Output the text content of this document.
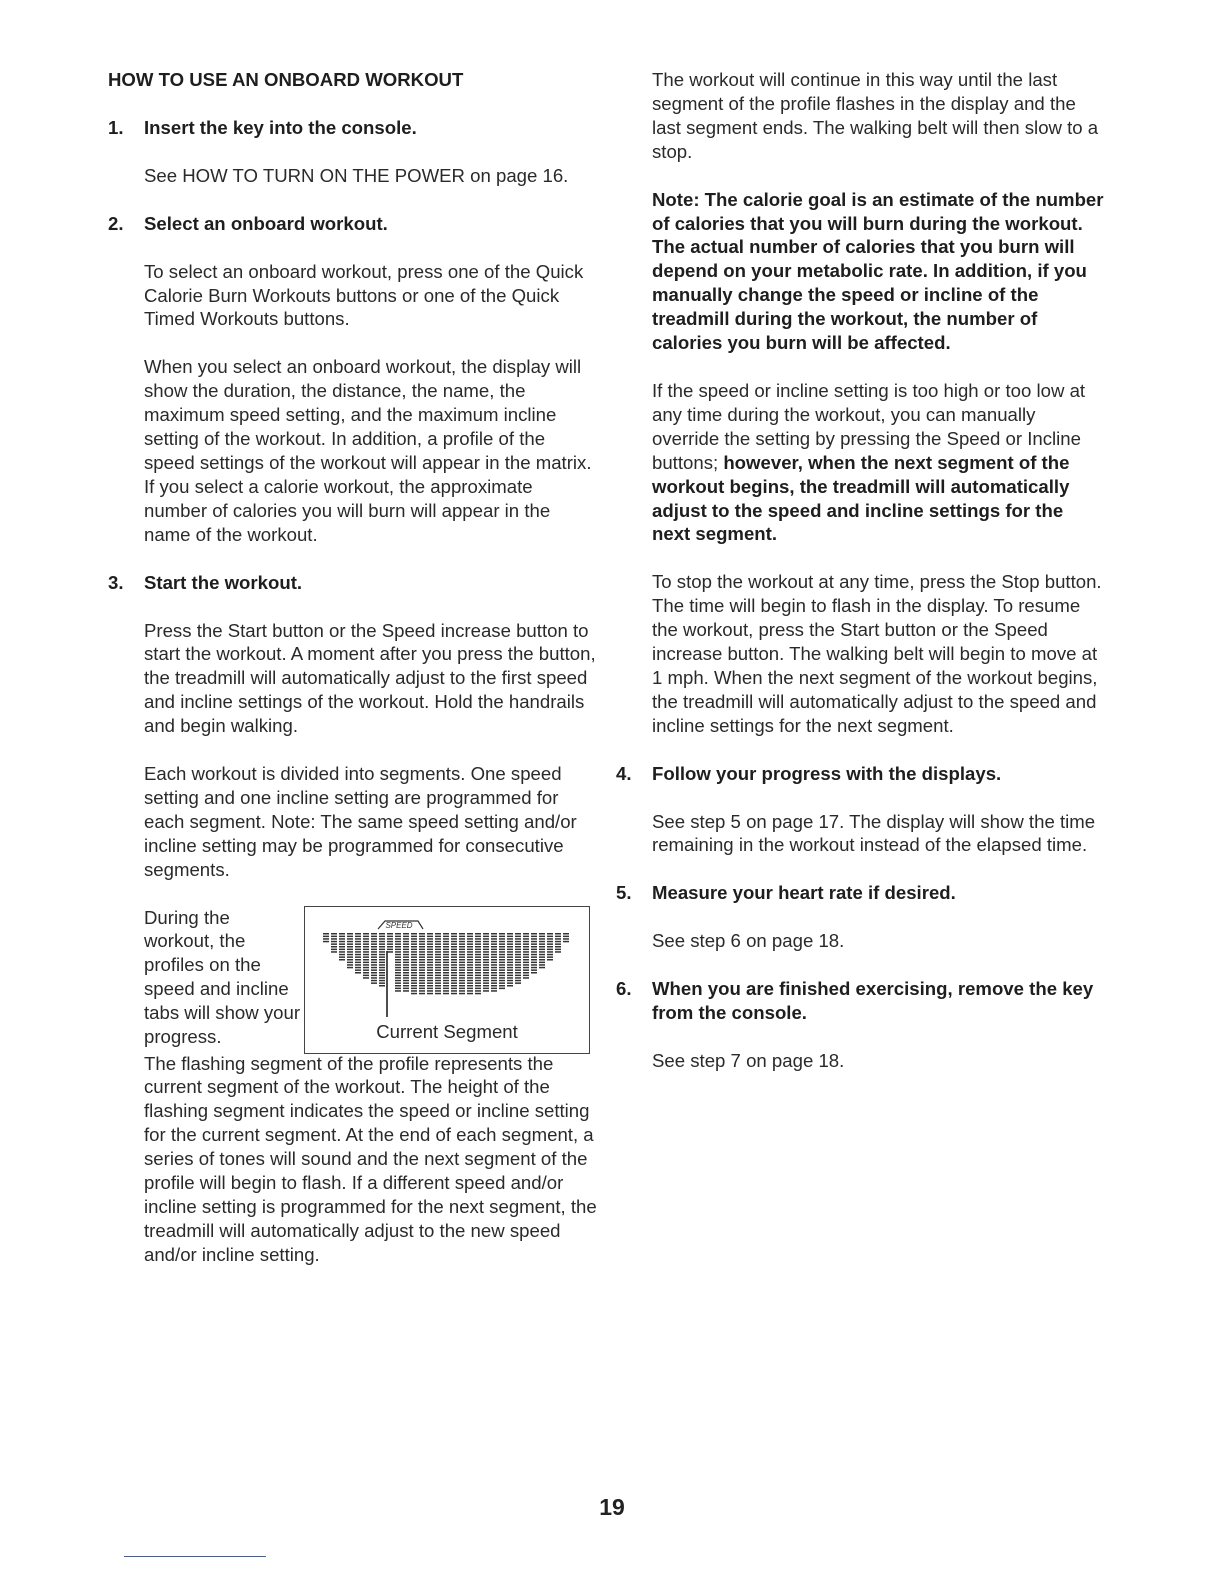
HOW TO USE AN ONBOARD WORKOUT

1.	Insert the key into the console.

See HOW TO TURN ON THE POWER on page 16.

2.	Select an onboard workout.

To select an onboard workout, press one of the Quick Calorie Burn Workouts buttons or one of the Quick Timed Workouts buttons.

When you select an onboard workout, the display will show the duration, the distance, the name, the maximum speed setting, and the maximum incline setting of the workout. In addition, a profile of the speed settings of the workout will appear in the matrix. If you select a calorie workout, the approximate number of calories you will burn will appear in the name of the workout.

3.	Start the workout.

Press the Start button or the Speed increase button to start the workout. A moment after you press the button, the treadmill will automatically adjust to the first speed and incline settings of the workout. Hold the handrails and begin walking.

Each workout is divided into segments. One speed setting and one incline setting are programmed for each segment. Note: The same speed setting and/or incline setting may be programmed for consecutive segments.

During the workout, the profiles on the speed and incline tabs will show your progress.
SPEED
Current Segment

The flashing segment of the profile represents the current segment of the workout. The height of the flashing segment indicates the speed or incline setting for the current segment. At the end of each segment, a series of tones will sound and the next segment of the profile will begin to flash. If a different speed and/or incline setting is programmed for the next segment, the treadmill will automatically adjust to the new speed and/or incline setting.

The workout will continue in this way until the last segment of the profile flashes in the display and the last segment ends. The walking belt will then slow to a stop.

Note: The calorie goal is an estimate of the number of calories that you will burn during the workout. The actual number of calories that you burn will depend on your metabolic rate. In addition, if you manually change the speed or incline of the treadmill during the workout, the number of calories you burn will be affected.

If the speed or incline setting is too high or too low at any time during the workout, you can manually override the setting by pressing the Speed or Incline buttons; however, when the next segment of the workout begins, the treadmill will automatically adjust to the speed and incline settings for the next segment.

To stop the workout at any time, press the Stop button. The time will begin to flash in the display. To resume the workout, press the Start button or the Speed increase button. The walking belt will begin to move at 1 mph. When the next segment of the workout begins, the treadmill will automatically adjust to the speed and incline settings for the next segment.

4.	Follow your progress with the displays.

See step 5 on page 17. The display will show the time remaining in the workout instead of the elapsed time.

5.	Measure your heart rate if desired.

See step 6 on page 18.

6.	When you are finished exercising, remove the key from the console.

See step 7 on page 18.

19
